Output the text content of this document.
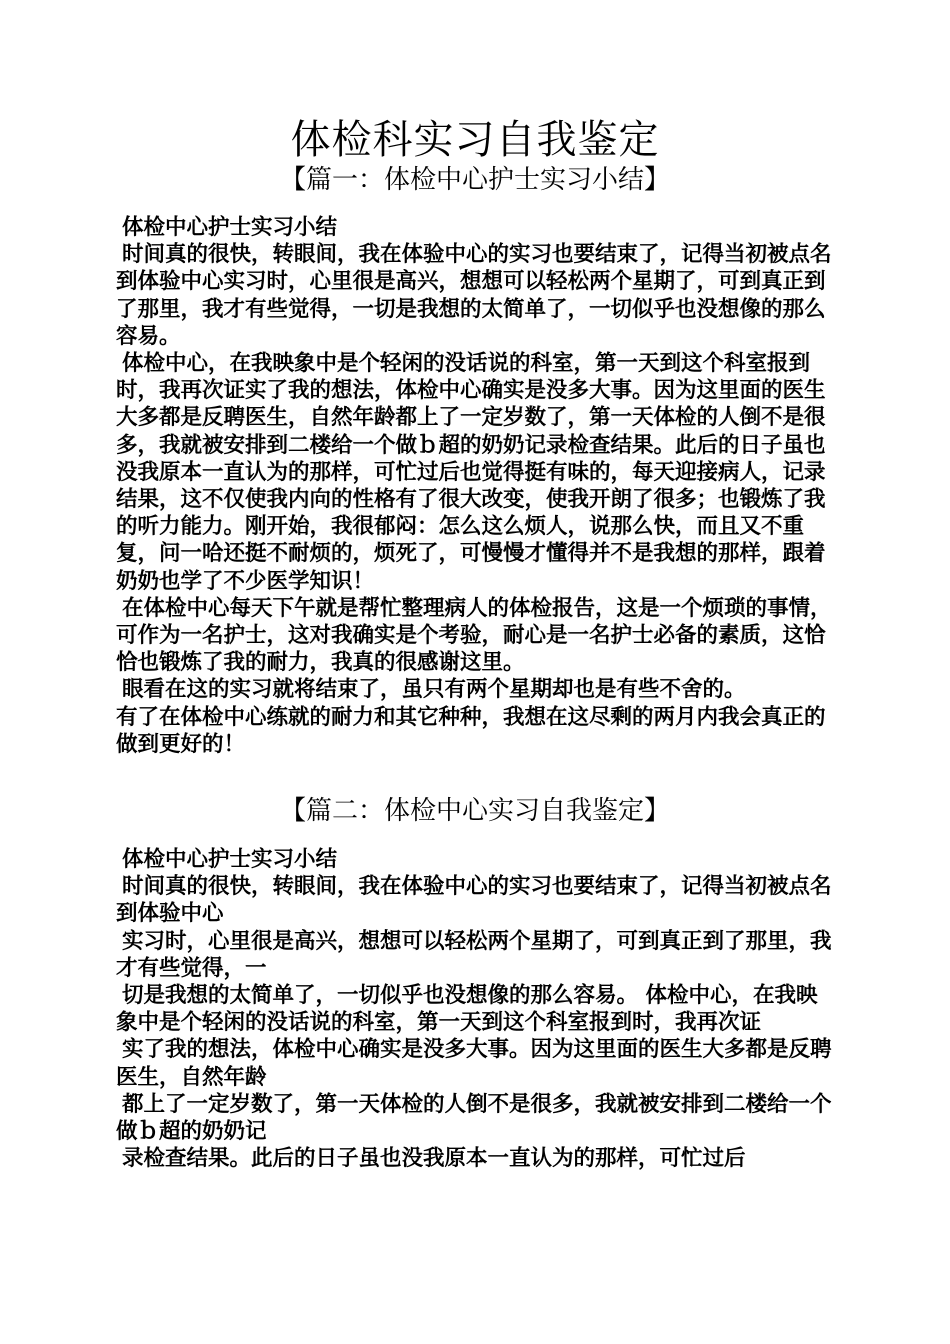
体检科实习自我鉴定
【篇一：体检中心护士实习小结】

体检中心护士实习小结

时间真的很快，转眼间，我在体验中心的实习也要结束了，记得当初被点名到体验中心实习时，心里很是高兴，想想可以轻松两个星期了，可到真正到了那里，我才有些觉得，一切是我想的太简单了，一切似乎也没想像的那么容易。

体检中心，在我映象中是个轻闲的没话说的科室，第一天到这个科室报到时，我再次证实了我的想法，体检中心确实是没多大事。因为这里面的医生大多都是反聘医生，自然年龄都上了一定岁数了，第一天体检的人倒不是很多，我就被安排到二楼给一个做ｂ超的奶奶记录检查结果。此后的日子虽也没我原本一直认为的那样，可忙过后也觉得挺有味的，每天迎接病人，记录结果，这不仅使我内向的性格有了很大改变，使我开朗了很多；也锻炼了我的听力能力。刚开始，我很郁闷：怎么这么烦人，说那么快，而且又不重复，问一哈还挺不耐烦的，烦死了，可慢慢才懂得并不是我想的那样，跟着奶奶也学了不少医学知识！

在体检中心每天下午就是帮忙整理病人的体检报告，这是一个烦琐的事情，可作为一名护士，这对我确实是个考验，耐心是一名护士必备的素质，这恰恰也锻炼了我的耐力，我真的很感谢这里。

眼看在这的实习就将结束了，虽只有两个星期却也是有些不舍的。

有了在体检中心练就的耐力和其它种种，我想在这尽剩的两月内我会真正的做到更好的！

【篇二：体检中心实习自我鉴定】

体检中心护士实习小结

时间真的很快，转眼间，我在体验中心的实习也要结束了，记得当初被点名到体验中心

实习时，心里很是高兴，想想可以轻松两个星期了，可到真正到了那里，我才有些觉得，一

切是我想的太简单了，一切似乎也没想像的那么容易。 体检中心，在我映象中是个轻闲的没话说的科室，第一天到这个科室报到时，我再次证

实了我的想法，体检中心确实是没多大事。因为这里面的医生大多都是反聘医生，自然年龄

都上了一定岁数了，第一天体检的人倒不是很多，我就被安排到二楼给一个做ｂ超的奶奶记

录检查结果。此后的日子虽也没我原本一直认为的那样，可忙过后
